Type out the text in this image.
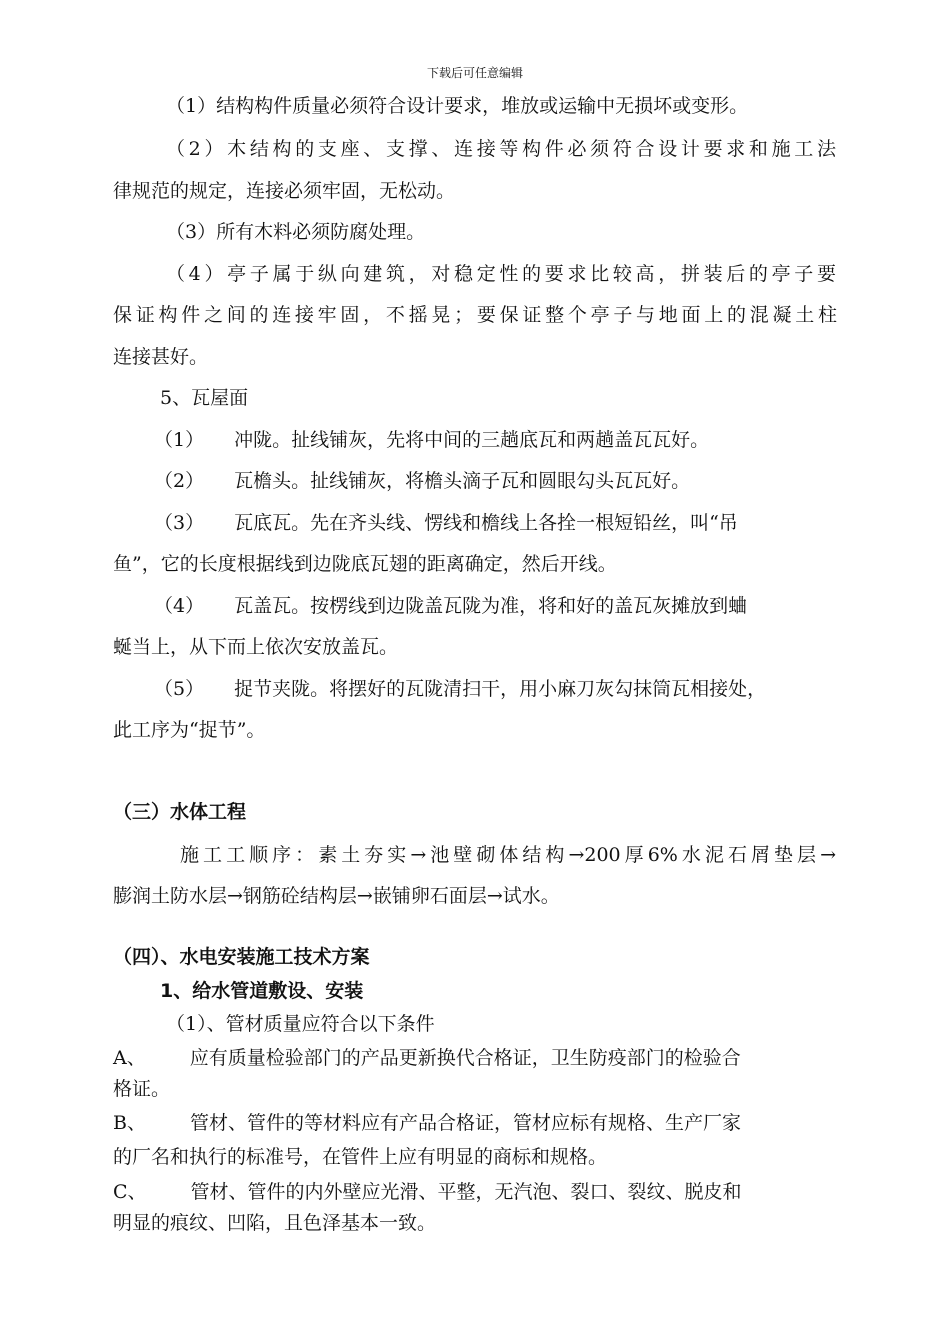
下载后可任意编辑
（1）结构构件质量必须符合设计要求，堆放或运输中无损坏或变形。
（2）木结构的支座、支撑、连接等构件必须符合设计要求和施工法
律规范的规定，连接必须牢固，无松动。
（3）所有木料必须防腐处理。
（4）亭子属于纵向建筑，对稳定性的要求比较高，拼装后的亭子要
保证构件之间的连接牢固，不摇晃；要保证整个亭子与地面上的混凝土柱
连接甚好。
5、瓦屋面
（1） 冲陇。扯线铺灰，先将中间的三趟底瓦和两趟盖瓦瓦好。
（2） 瓦檐头。扯线铺灰，将檐头滴子瓦和圆眼勾头瓦瓦好。
（3） 瓦底瓦。先在齐头线、愣线和檐线上各拴一根短铅丝，叫“吊
鱼”，它的长度根据线到边陇底瓦翅的距离确定，然后开线。
（4） 瓦盖瓦。按楞线到边陇盖瓦陇为准，将和好的盖瓦灰摊放到蛐
蜒当上，从下而上依次安放盖瓦。
（5） 捉节夹陇。将摆好的瓦陇清扫干，用小麻刀灰勾抹筒瓦相接处，
此工序为“捉节”。
（三）水体工程
施工工顺序：素土夯实→池壁砌体结构→200厚6%水泥石屑垫层→
膨润土防水层→钢筋砼结构层→嵌铺卵石面层→试水。
（四）、水电安装施工技术方案
1、给水管道敷设、安装
（1）、管材质量应符合以下条件
A、 应有质量检验部门的产品更新换代合格证，卫生防疫部门的检验合
格证。
B、 管材、管件的等材料应有产品合格证，管材应标有规格、生产厂家
的厂名和执行的标准号，在管件上应有明显的商标和规格。
C、 管材、管件的内外壁应光滑、平整，无汽泡、裂口、裂纹、脱皮和
明显的痕纹、凹陷，且色泽基本一致。
